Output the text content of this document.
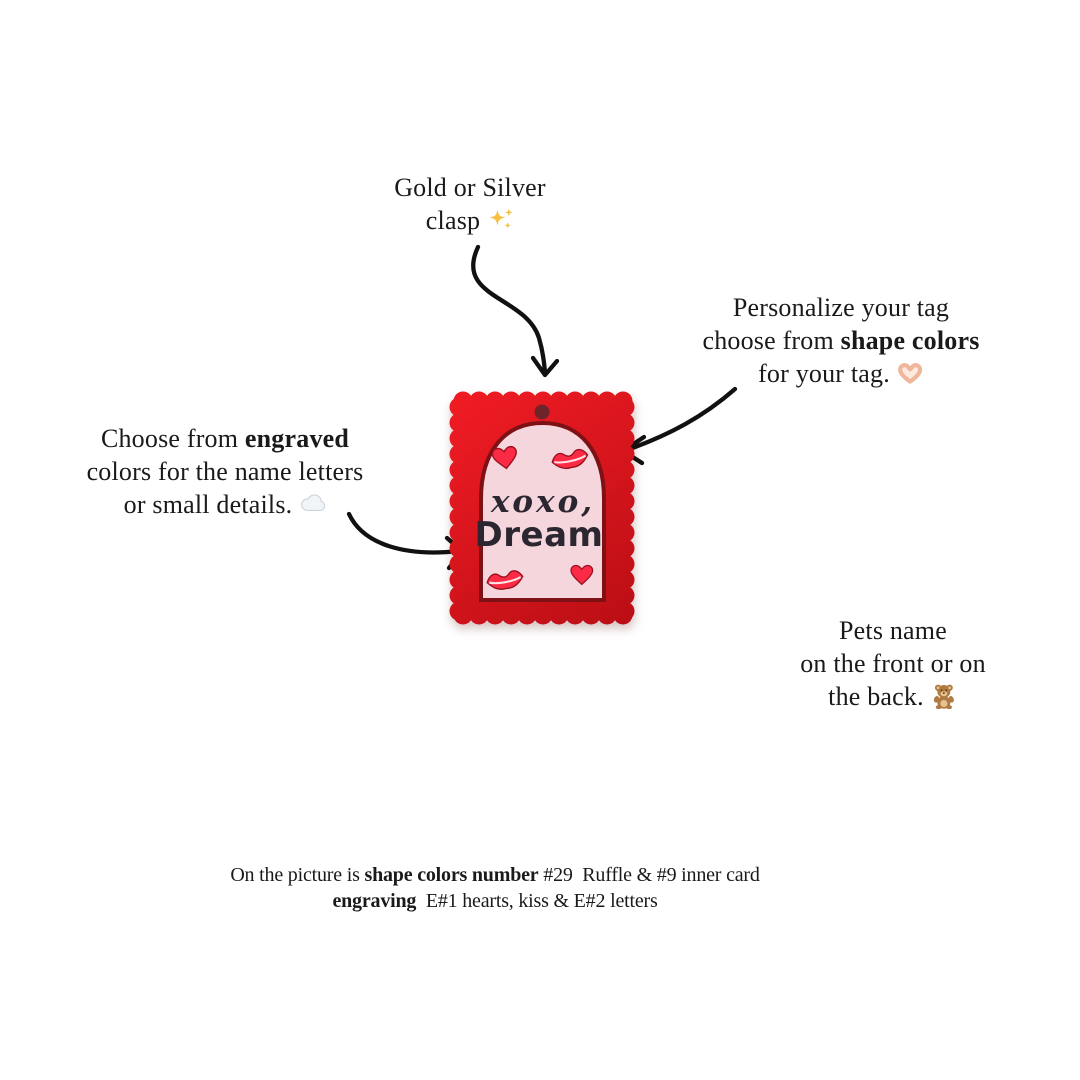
xoxo,
Dream
Gold or Silver
clasp
Personalize your tag
choose from shape colors
for your tag.
Choose from engraved
colors for the name letters
or small details.
Pets name
on the front or on
the back.
On the picture is shape colors number #29  Ruffle & #9 inner card
engraving  E#1 hearts, kiss & E#2 letters
